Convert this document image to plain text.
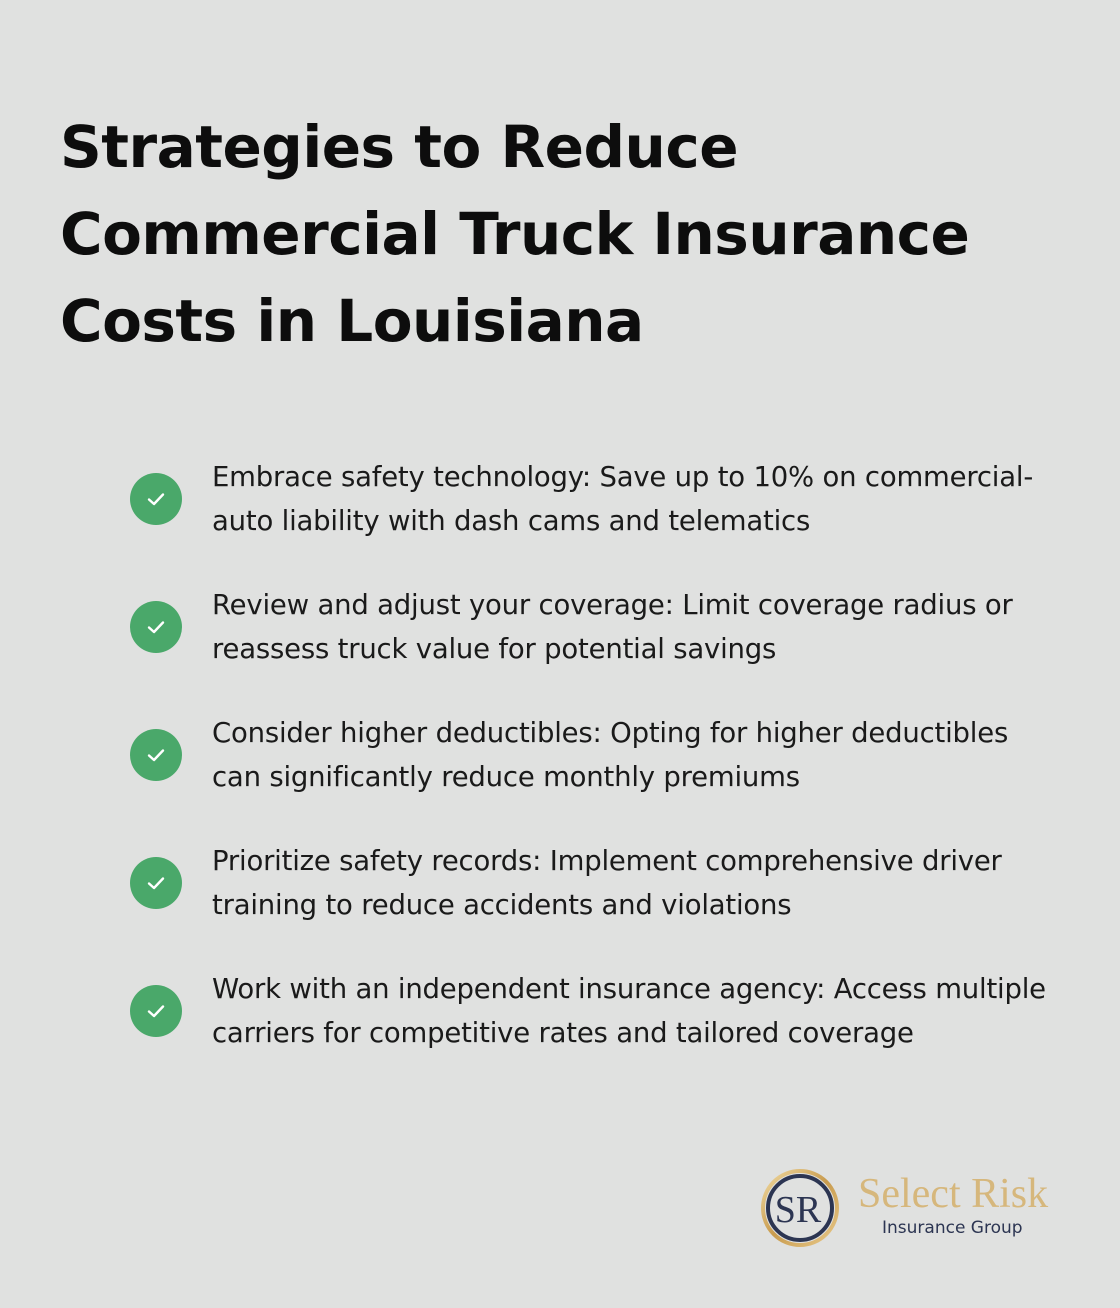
Strategies to Reduce Commercial Truck Insurance Costs in Louisiana
Embrace safety technology: Save up to 10% on commercial-auto liability with dash cams and telematics
Review and adjust your coverage: Limit coverage radius or reassess truck value for potential savings
Consider higher deductibles: Opting for higher deductibles can significantly reduce monthly premiums
Prioritize safety records: Implement comprehensive driver training to reduce accidents and violations
Work with an independent insurance agency: Access multiple carriers for competitive rates and tailored coverage
SR Select Risk
Insurance Group
